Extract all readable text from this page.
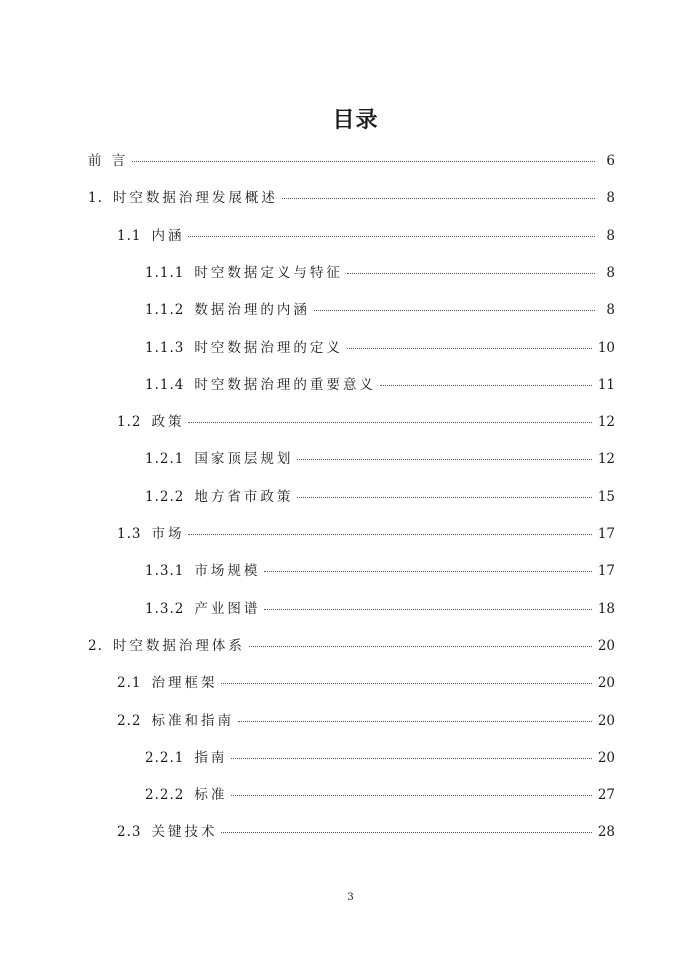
目录
前 言	6
1. 时空数据治理发展概述	8
1.1 内涵	8
1.1.1 时空数据定义与特征	8
1.1.2 数据治理的内涵	8
1.1.3 时空数据治理的定义	10
1.1.4 时空数据治理的重要意义	11
1.2 政策	12
1.2.1 国家顶层规划	12
1.2.2 地方省市政策	15
1.3 市场	17
1.3.1 市场规模	17
1.3.2 产业图谱	18
2. 时空数据治理体系	20
2.1 治理框架	20
2.2 标准和指南	20
2.2.1 指南	20
2.2.2 标准	27
2.3 关键技术	28
3
